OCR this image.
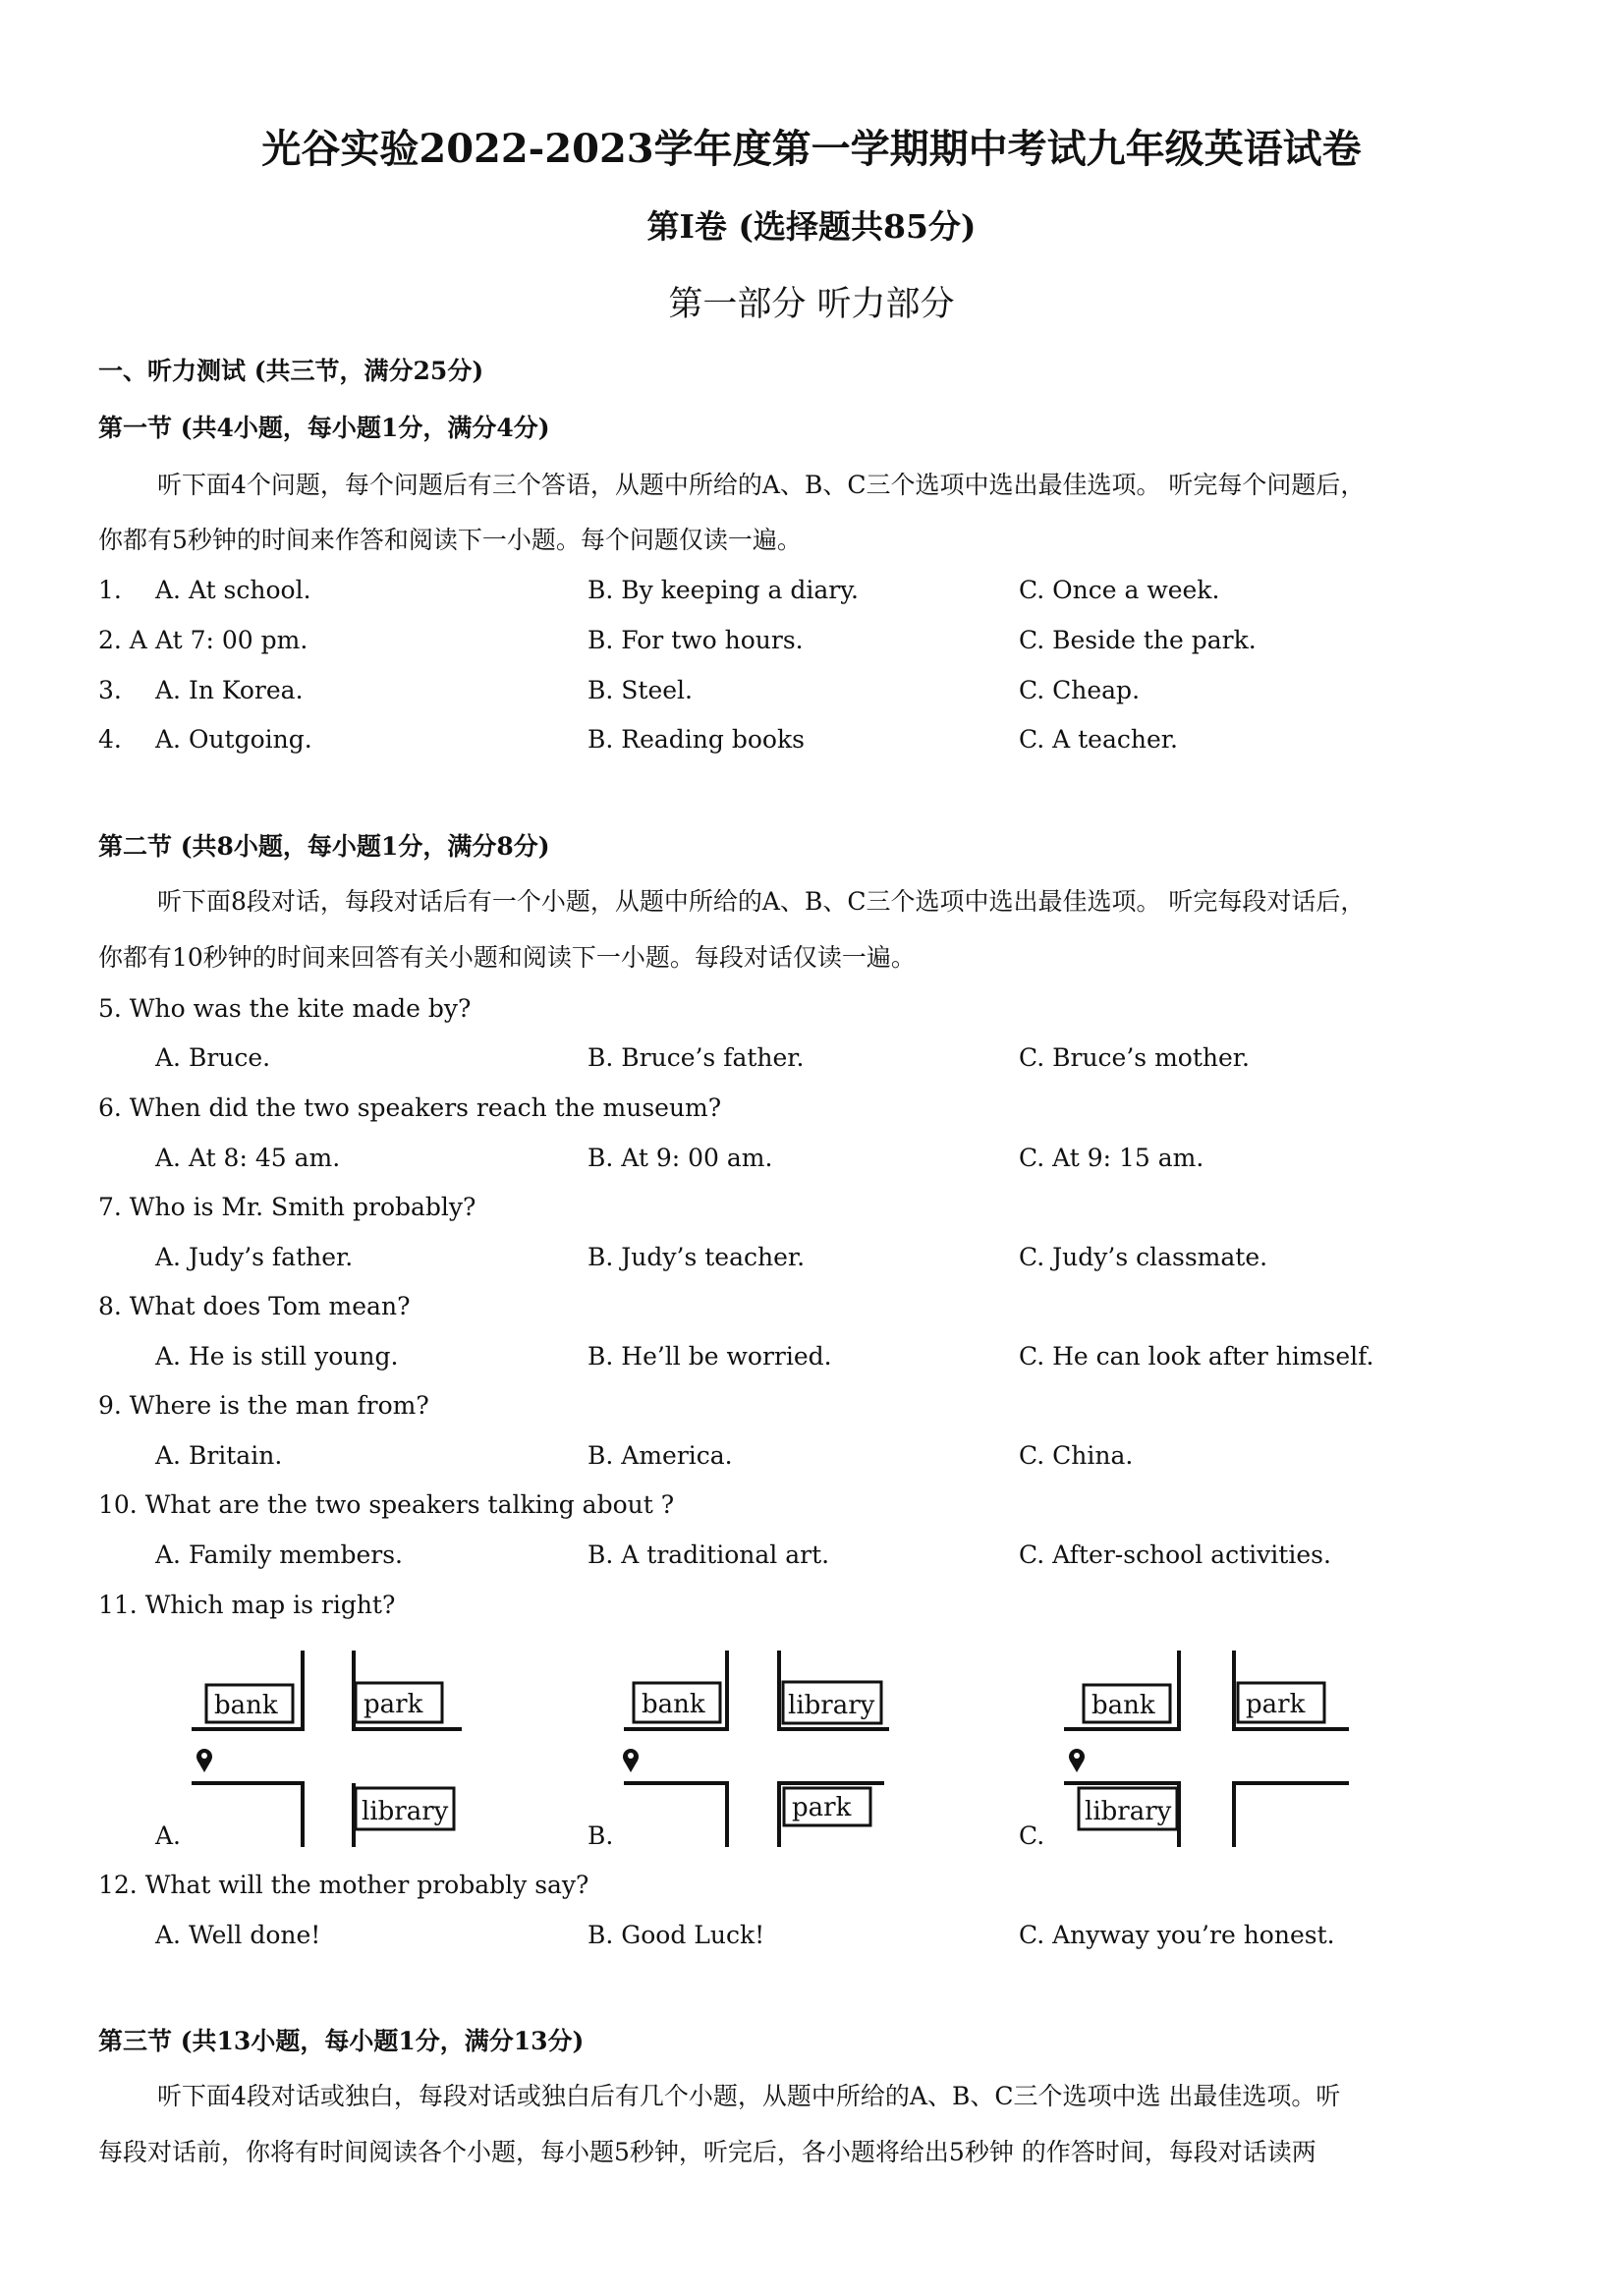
光谷实验2022-2023学年度第一学期期中考试九年级英语试卷
第I卷 (选择题共85分)
第一部分 听力部分
一、听力测试 (共三节，满分25分)
第一节 (共4小题，每小题1分，满分4分)
听下面4个问题，每个问题后有三个答语，从题中所给的A、B、C三个选项中选出最佳选项。 听完每个问题后，
你都有5秒钟的时间来作答和阅读下一小题。每个问题仅读一遍。
1. A. At school.	B. By keeping a diary.	C. Once a week.
2. A At 7: 00 pm.	B. For two hours.	C. Beside the park.
3. A. In Korea.	B. Steel.	C. Cheap.
4. A. Outgoing.	B. Reading books	C. A teacher.
第二节 (共8小题，每小题1分，满分8分)
听下面8段对话，每段对话后有一个小题，从题中所给的A、B、C三个选项中选出最佳选项。 听完每段对话后，
你都有10秒钟的时间来回答有关小题和阅读下一小题。每段对话仅读一遍。
5. Who was the kite made by?
A. Bruce.	B. Bruce’s father.	C. Bruce’s mother.
6. When did the two speakers reach the museum?
A. At 8: 45 am.	B. At 9: 00 am.	C. At 9: 15 am.
7. Who is Mr. Smith probably?
A. Judy’s father.	B. Judy’s teacher.	C. Judy’s classmate.
8. What does Tom mean?
A. He is still young.	B. He’ll be worried.	C. He can look after himself.
9. Where is the man from?
A. Britain.	B. America.	C. China.
10. What are the two speakers talking about ?
A. Family members.	B. A traditional art.	C. After-school activities.
11. Which map is right?
A.
bank	park
library
B.
bank	library
park
C.
bank	park
library
12. What will the mother probably say?
A. Well done!	B. Good Luck!	C. Anyway you’re honest.
第三节 (共13小题，每小题1分，满分13分)
听下面4段对话或独白，每段对话或独白后有几个小题，从题中所给的A、B、C三个选项中选 出最佳选项。听
每段对话前，你将有时间阅读各个小题，每小题5秒钟，听完后，各小题将给出5秒钟 的作答时间，每段对话读两
